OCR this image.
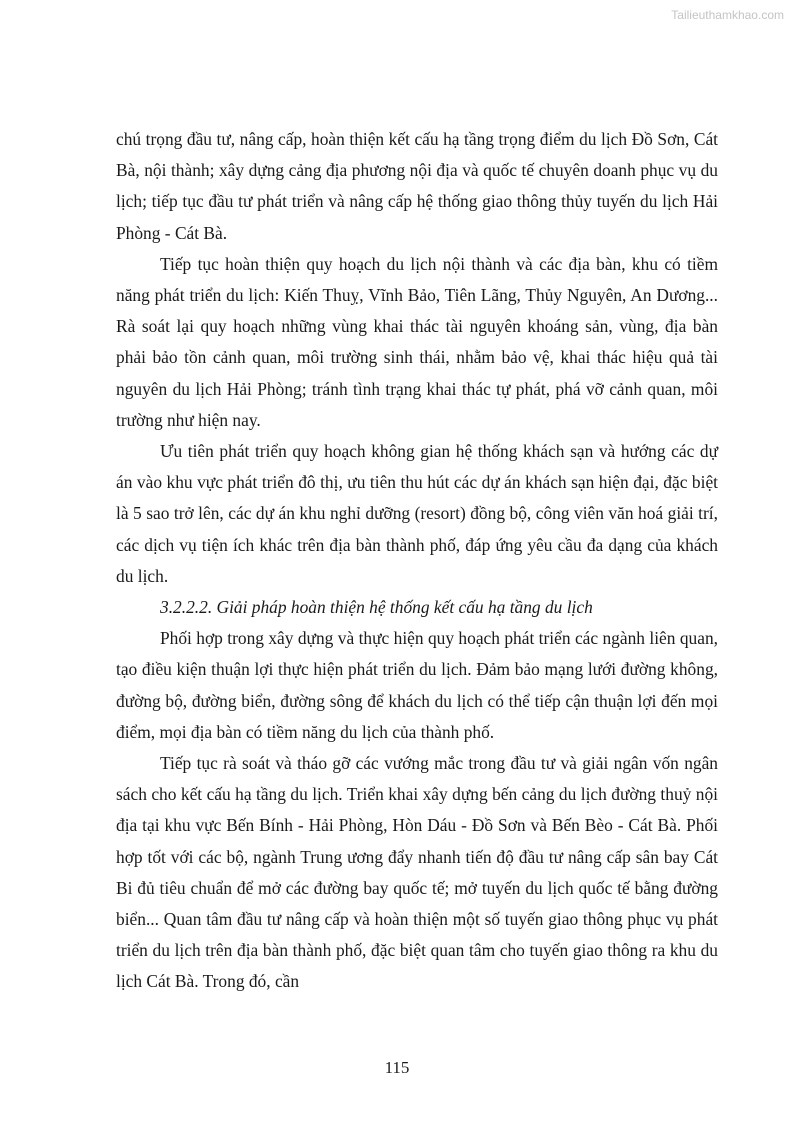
Tailieuthamkhao.com

chú trọng đầu tư, nâng cấp, hoàn thiện kết cấu hạ tầng trọng điểm du lịch Đồ Sơn, Cát Bà, nội thành; xây dựng cảng địa phương nội địa và quốc tế chuyên doanh phục vụ du lịch; tiếp tục đầu tư phát triển và nâng cấp hệ thống giao thông thủy tuyến du lịch Hải Phòng - Cát Bà.

Tiếp tục hoàn thiện quy hoạch du lịch nội thành và các địa bàn, khu có tiềm năng phát triển du lịch: Kiến Thuỵ, Vĩnh Bảo, Tiên Lãng, Thủy Nguyên, An Dương... Rà soát lại quy hoạch những vùng khai thác tài nguyên khoáng sản, vùng, địa bàn phải bảo tồn cảnh quan, môi trường sinh thái, nhằm bảo vệ, khai thác hiệu quả tài nguyên du lịch Hải Phòng; tránh tình trạng khai thác tự phát, phá vỡ cảnh quan, môi trường như hiện nay.

Ưu tiên phát triển quy hoạch không gian hệ thống khách sạn và hướng các dự án vào khu vực phát triển đô thị, ưu tiên thu hút các dự án khách sạn hiện đại, đặc biệt là 5 sao trở lên, các dự án khu nghỉ dưỡng (resort) đồng bộ, công viên văn hoá giải trí, các dịch vụ tiện ích khác trên địa bàn thành phố, đáp ứng yêu cầu đa dạng của khách du lịch.

3.2.2.2. Giải pháp hoàn thiện hệ thống kết cấu hạ tầng du lịch

Phối hợp trong xây dựng và thực hiện quy hoạch phát triển các ngành liên quan, tạo điều kiện thuận lợi thực hiện phát triển du lịch. Đảm bảo mạng lưới đường không, đường bộ, đường biển, đường sông để khách du lịch có thể tiếp cận thuận lợi đến mọi điểm, mọi địa bàn có tiềm năng du lịch của thành phố.

Tiếp tục rà soát và tháo gỡ các vướng mắc trong đầu tư và giải ngân vốn ngân sách cho kết cấu hạ tầng du lịch. Triển khai xây dựng bến cảng du lịch đường thuỷ nội địa tại khu vực Bến Bính - Hải Phòng, Hòn Dáu - Đồ Sơn và Bến Bèo - Cát Bà. Phối hợp tốt với các bộ, ngành Trung ương đẩy nhanh tiến độ đầu tư nâng cấp sân bay Cát Bi đủ tiêu chuẩn để mở các đường bay quốc tế; mở tuyến du lịch quốc tế bằng đường biển... Quan tâm đầu tư nâng cấp và hoàn thiện một số tuyến giao thông phục vụ phát triển du lịch trên địa bàn thành phố, đặc biệt quan tâm cho tuyến giao thông ra khu du lịch Cát Bà. Trong đó, cần

115
